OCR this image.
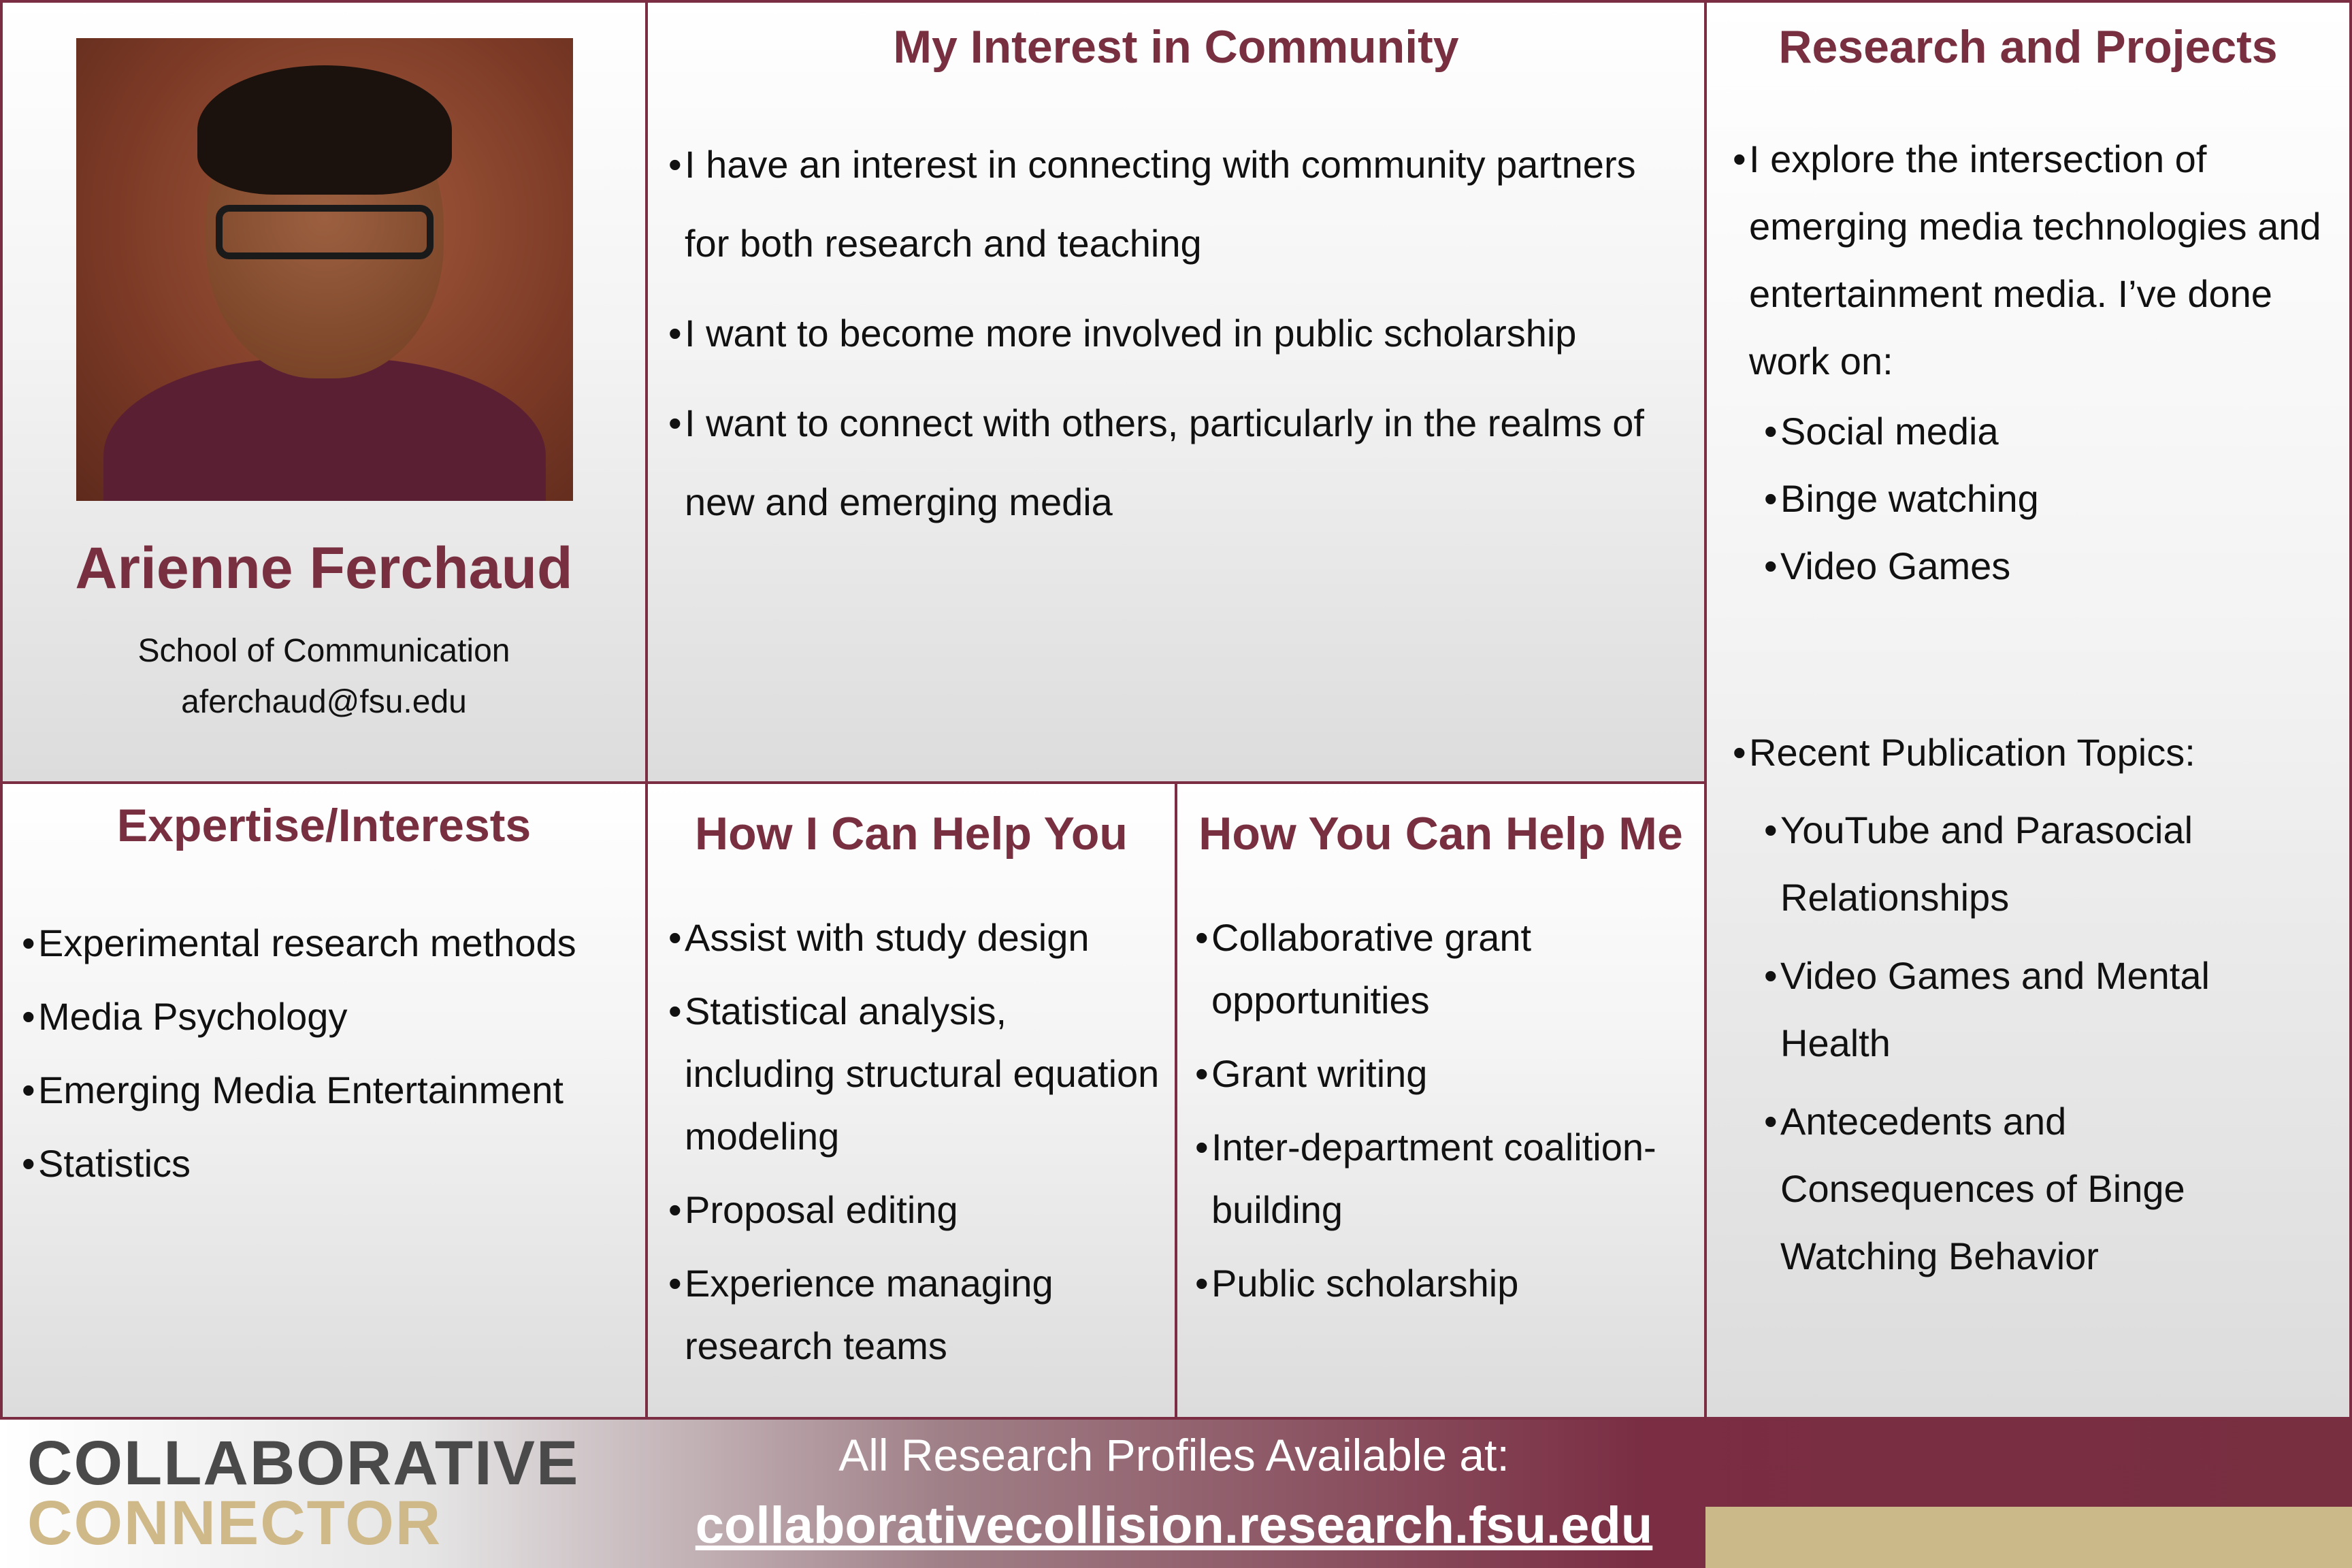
Arienne Ferchaud
School of Communication
aferchaud@fsu.edu
My Interest in Community
• I have an interest in connecting with community partners for both research and teaching
• I want to become more involved in public scholarship
• I want to connect with others, particularly in the realms of new and emerging media
Research and Projects
• I explore the intersection of emerging media technologies and entertainment media. I’ve done work on:
• Social media
• Binge watching
• Video Games
• Recent Publication Topics:
• YouTube and Parasocial Relationships
• Video Games and Mental Health
• Antecedents and Consequences of Binge Watching Behavior
Expertise/Interests
• Experimental research methods
• Media Psychology
• Emerging Media Entertainment
• Statistics
How I Can Help You
• Assist with study design
• Statistical analysis, including structural equation modeling
• Proposal editing
• Experience managing research teams
How You Can Help Me
• Collaborative grant opportunities
• Grant writing
• Inter-department coalition-building
• Public scholarship
COLLABORATIVE
CONNECTOR
All Research Profiles Available at:
collaborativecollision.research.fsu.edu
